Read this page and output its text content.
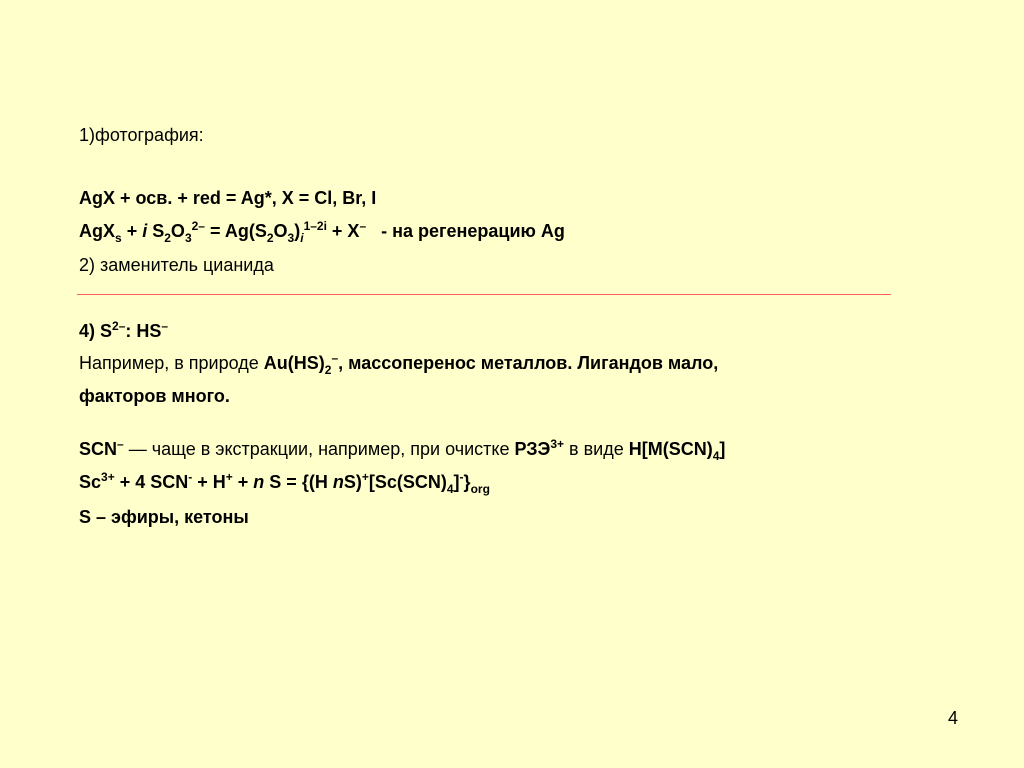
1)фотография:
AgX + осв. + red = Ag*, X = Cl, Br, I
AgX$_s$ + i $S_2O_3^{2-} = Ag(S_2O_3)_i^{1-2i} + X^-$   - на регенерацию Ag
2) заменитель цианида
4) $S^{2-}$: HS–
Например, в природе $Au(HS)_2^-$, массоперенос металлов. Лигандов мало,
факторов много.
SCN– — чаще в экстракции, например, при очистке $РЗЭ^{3+}$ в виде $H[M(SCN)_4]$
$Sc^{3+} + 4$ SCN- + H+ + n S = {(H $nS)^+[Sc(SCN)_4]^-\}_{org}$
S – эфиры, кетоны
4
